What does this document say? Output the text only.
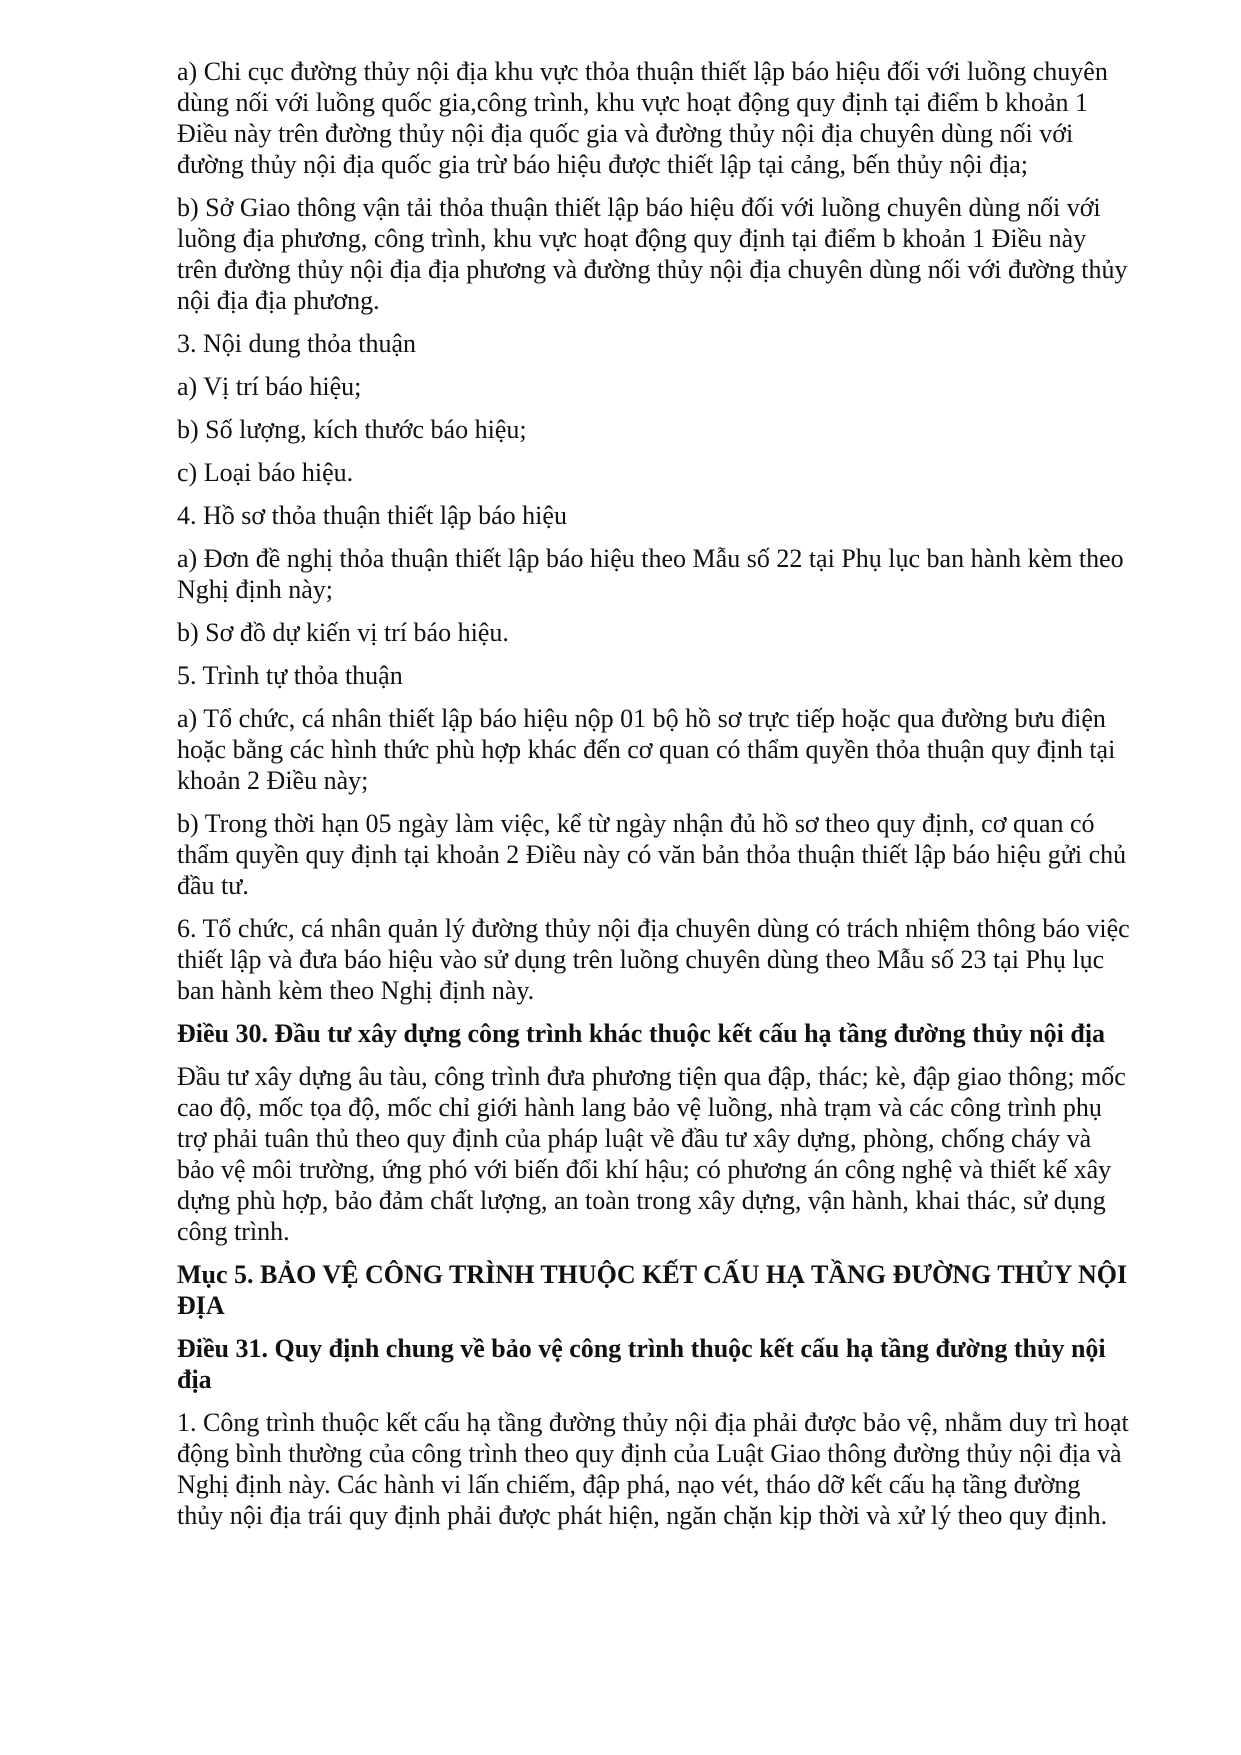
a) Chi cục đường thủy nội địa khu vực thỏa thuận thiết lập báo hiệu đối với luồng chuyên dùng nối với luồng quốc gia,công trình, khu vực hoạt động quy định tại điểm b khoản 1 Điều này trên đường thủy nội địa quốc gia và đường thủy nội địa chuyên dùng nối với đường thủy nội địa quốc gia trừ báo hiệu được thiết lập tại cảng, bến thủy nội địa;

b) Sở Giao thông vận tải thỏa thuận thiết lập báo hiệu đối với luồng chuyên dùng nối với luồng địa phương, công trình, khu vực hoạt động quy định tại điểm b khoản 1 Điều này trên đường thủy nội địa địa phương và đường thủy nội địa chuyên dùng nối với đường thủy nội địa địa phương.

3. Nội dung thỏa thuận

a) Vị trí báo hiệu;

b) Số lượng, kích thước báo hiệu;

c) Loại báo hiệu.

4. Hồ sơ thỏa thuận thiết lập báo hiệu

a) Đơn đề nghị thỏa thuận thiết lập báo hiệu theo Mẫu số 22 tại Phụ lục ban hành kèm theo Nghị định này;

b) Sơ đồ dự kiến vị trí báo hiệu.

5. Trình tự thỏa thuận

a) Tổ chức, cá nhân thiết lập báo hiệu nộp 01 bộ hồ sơ trực tiếp hoặc qua đường bưu điện hoặc bằng các hình thức phù hợp khác đến cơ quan có thẩm quyền thỏa thuận quy định tại khoản 2 Điều này;

b) Trong thời hạn 05 ngày làm việc, kể từ ngày nhận đủ hồ sơ theo quy định, cơ quan có thẩm quyền quy định tại khoản 2 Điều này có văn bản thỏa thuận thiết lập báo hiệu gửi chủ đầu tư.

6. Tổ chức, cá nhân quản lý đường thủy nội địa chuyên dùng có trách nhiệm thông báo việc thiết lập và đưa báo hiệu vào sử dụng trên luồng chuyên dùng theo Mẫu số 23 tại Phụ lục ban hành kèm theo Nghị định này.

Điều 30. Đầu tư xây dựng công trình khác thuộc kết cấu hạ tầng đường thủy nội địa

Đầu tư xây dựng âu tàu, công trình đưa phương tiện qua đập, thác; kè, đập giao thông; mốc cao độ, mốc tọa độ, mốc chỉ giới hành lang bảo vệ luồng, nhà trạm và các công trình phụ trợ phải tuân thủ theo quy định của pháp luật về đầu tư xây dựng, phòng, chống cháy và bảo vệ môi trường, ứng phó với biến đổi khí hậu; có phương án công nghệ và thiết kế xây dựng phù hợp, bảo đảm chất lượng, an toàn trong xây dựng, vận hành, khai thác, sử dụng công trình.

Mục 5. BẢO VỆ CÔNG TRÌNH THUỘC KẾT CẤU HẠ TẦNG ĐƯỜNG THỦY NỘI ĐỊA

Điều 31. Quy định chung về bảo vệ công trình thuộc kết cấu hạ tầng đường thủy nội địa

1. Công trình thuộc kết cấu hạ tầng đường thủy nội địa phải được bảo vệ, nhằm duy trì hoạt động bình thường của công trình theo quy định của Luật Giao thông đường thủy nội địa và Nghị định này. Các hành vi lấn chiếm, đập phá, nạo vét, tháo dỡ kết cấu hạ tầng đường thủy nội địa trái quy định phải được phát hiện, ngăn chặn kịp thời và xử lý theo quy định.
